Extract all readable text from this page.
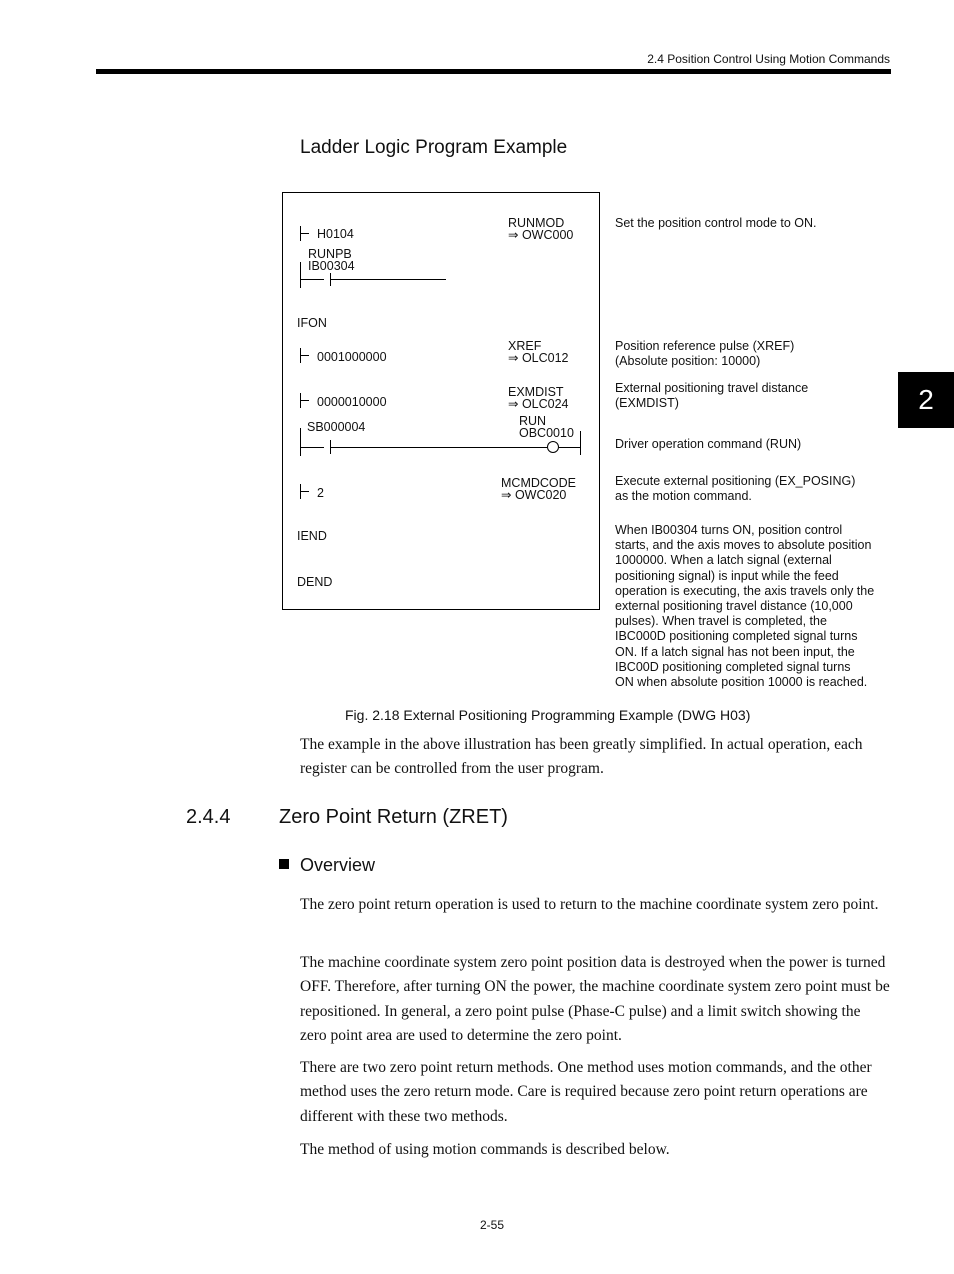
2.4 Position Control Using Motion Commands
2
Ladder Logic Program Example
H0104
RUNMOD
⇒ OWC000
RUNPB
IB00304
IFON
0001000000
XREF
⇒ OLC012
0000010000
EXMDIST
⇒ OLC024
SB000004	RUN
OBC0010
2
MCMDCODE
⇒ OWC020
IEND
DEND
Set the position control mode to ON.
Position reference pulse (XREF)
(Absolute position: 10000)
External positioning travel distance
(EXMDIST)
Driver operation command (RUN)
Execute external positioning (EX_POSING)
as the motion command.
When IB00304 turns ON, position control
starts, and the axis moves to absolute position
1000000. When a latch signal (external
positioning signal) is input while the feed
operation is executing, the axis travels only the
external positioning travel distance (10,000
pulses). When travel is completed, the
IBC000D positioning completed signal turns
ON. If a latch signal has not been input, the
IBC00D positioning completed signal turns
ON when absolute position 10000 is reached.
Fig. 2.18 External Positioning Programming Example (DWG H03)
The example in the above illustration has been greatly simplified. In actual operation, each register can be controlled from the user program.
2.4.4 Zero Point Return (ZRET)
Overview
The zero point return operation is used to return to the machine coordinate system zero point.
The machine coordinate system zero point position data is destroyed when the power is turned OFF. Therefore, after turning ON the power, the machine coordinate system zero point must be repositioned. In general, a zero point pulse (Phase-C pulse) and a limit switch showing the zero point area are used to determine the zero point.
There are two zero point return methods. One method uses motion commands, and the other method uses the zero return mode. Care is required because zero point return operations are different with these two methods.
The method of using motion commands is described below.
2-55
